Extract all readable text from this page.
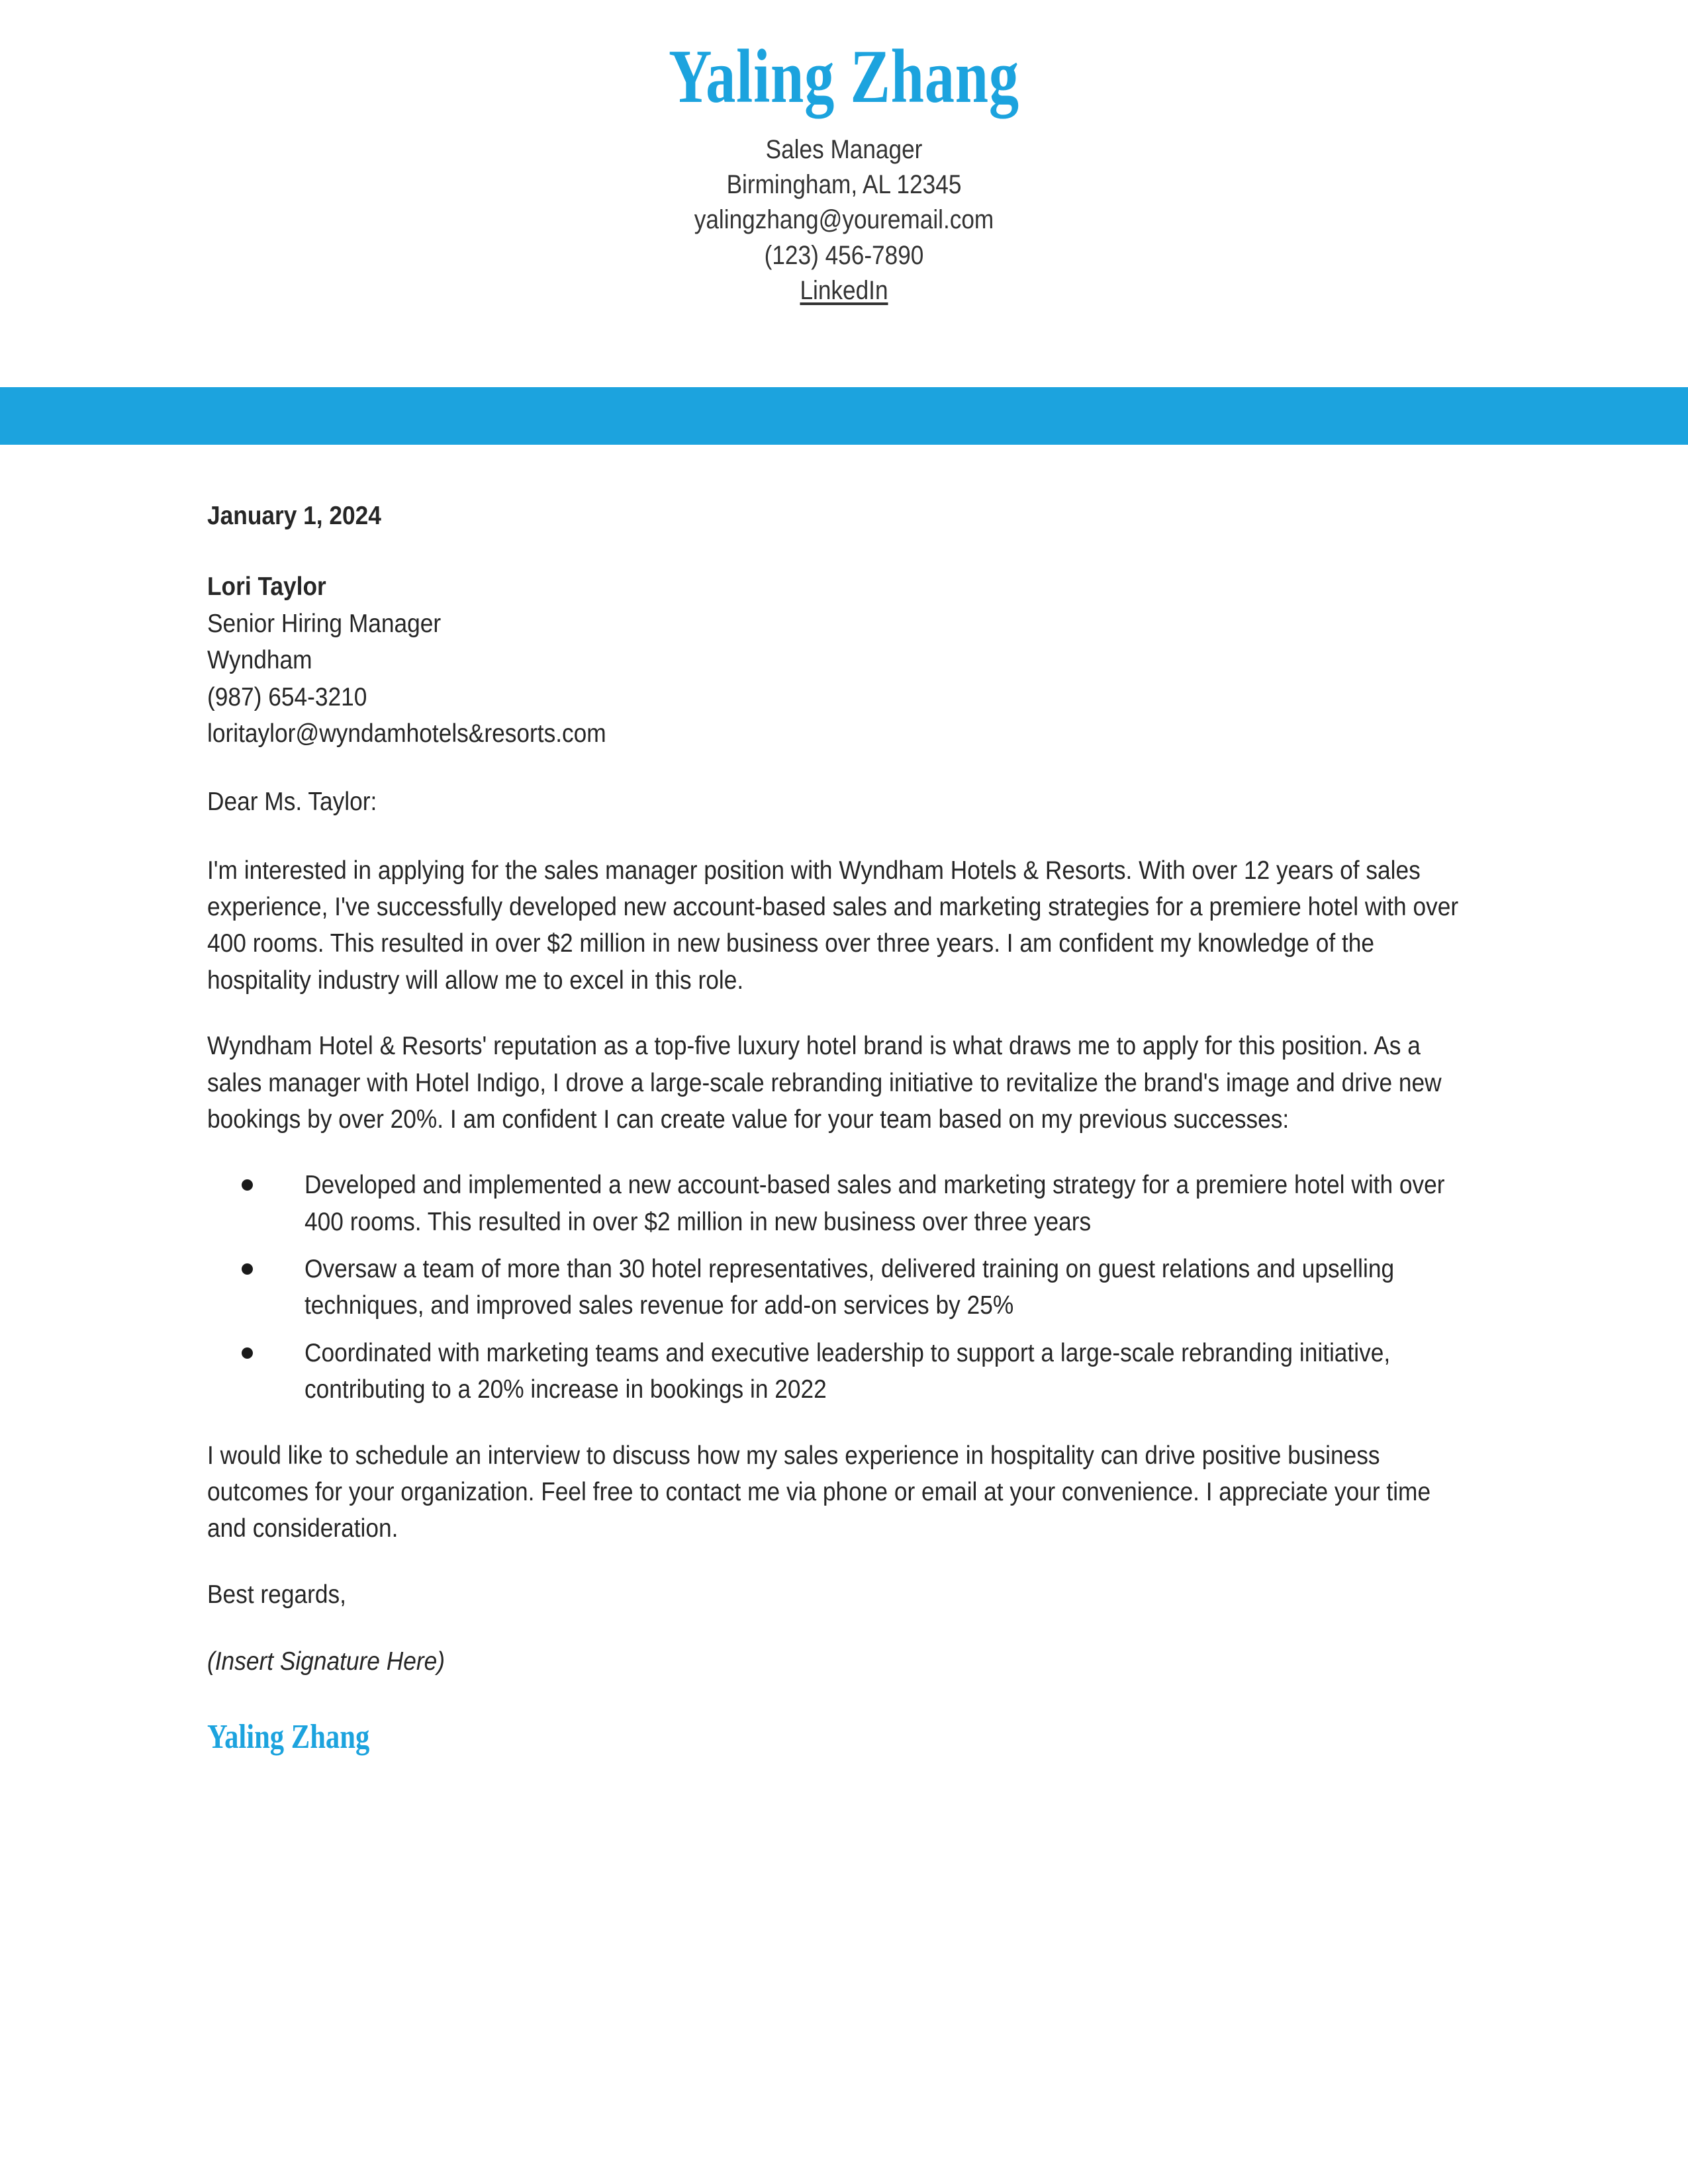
Yaling Zhang
Sales Manager
Birmingham, AL 12345
yalingzhang@youremail.com
(123) 456-7890
LinkedIn

January 1, 2024

Lori Taylor
Senior Hiring Manager
Wyndham
(987) 654-3210
loritaylor@wyndamhotels&resorts.com

Dear Ms. Taylor:

I'm interested in applying for the sales manager position with Wyndham Hotels & Resorts. With over 12 years of sales experience, I've successfully developed new account-based sales and marketing strategies for a premiere hotel with over 400 rooms. This resulted in over $2 million in new business over three years. I am confident my knowledge of the hospitality industry will allow me to excel in this role.

Wyndham Hotel & Resorts' reputation as a top-five luxury hotel brand is what draws me to apply for this position. As a sales manager with Hotel Indigo, I drove a large-scale rebranding initiative to revitalize the brand's image and drive new bookings by over 20%. I am confident I can create value for your team based on my previous successes:

Developed and implemented a new account-based sales and marketing strategy for a premiere hotel with over 400 rooms. This resulted in over $2 million in new business over three years
Oversaw a team of more than 30 hotel representatives, delivered training on guest relations and upselling techniques, and improved sales revenue for add-on services by 25%
Coordinated with marketing teams and executive leadership to support a large-scale rebranding initiative, contributing to a 20% increase in bookings in 2022

I would like to schedule an interview to discuss how my sales experience in hospitality can drive positive business outcomes for your organization. Feel free to contact me via phone or email at your convenience. I appreciate your time and consideration.

Best regards,

(Insert Signature Here)

Yaling Zhang
